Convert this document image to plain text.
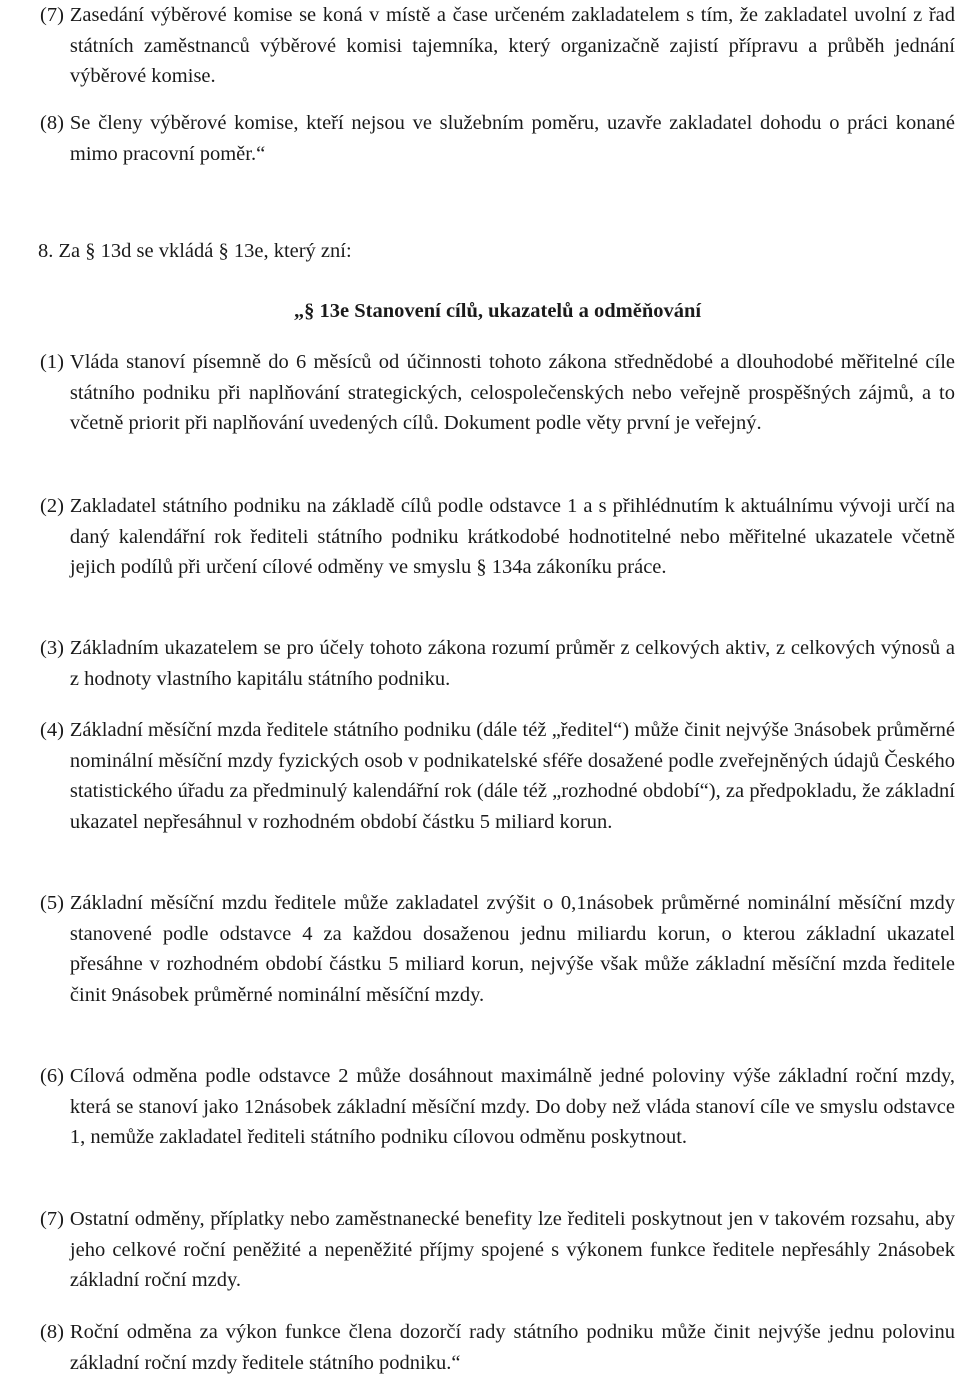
(7) Zasedání výběrové komise se koná v místě a čase určeném zakladatelem s tím, že zakladatel uvolní z řad státních zaměstnanců výběrové komisi tajemníka, který organizačně zajistí přípravu a průběh jednání výběrové komise.
(8) Se členy výběrové komise, kteří nejsou ve služebním poměru, uzavře zakladatel dohodu o práci konané mimo pracovní poměr.“

8. Za § 13d se vkládá § 13e, který zní:

„§ 13e Stanovení cílů, ukazatelů a odměňování

(1) Vláda stanoví písemně do 6 měsíců od účinnosti tohoto zákona střednědobé a dlouhodobé měřitelné cíle státního podniku při naplňování strategických, celospolečenských nebo veřejně prospěšných zájmů, a to včetně priorit při naplňování uvedených cílů. Dokument podle věty první je veřejný.
(2) Zakladatel státního podniku na základě cílů podle odstavce 1 a s přihlédnutím k aktuálnímu vývoji určí na daný kalendářní rok řediteli státního podniku krátkodobé hodnotitelné nebo měřitelné ukazatele včetně jejich podílů při určení cílové odměny ve smyslu § 134a zákoníku práce.
(3) Základním ukazatelem se pro účely tohoto zákona rozumí průměr z celkových aktiv, z celkových výnosů a z hodnoty vlastního kapitálu státního podniku.
(4) Základní měsíční mzda ředitele státního podniku (dále též „ředitel“) může činit nejvýše 3násobek průměrné nominální měsíční mzdy fyzických osob v podnikatelské sféře dosažené podle zveřejněných údajů Českého statistického úřadu za předminulý kalendářní rok (dále též „rozhodné období“), za předpokladu, že základní ukazatel nepřesáhnul v rozhodném období částku 5 miliard korun.
(5) Základní měsíční mzdu ředitele může zakladatel zvýšit o 0,1násobek průměrné nominální měsíční mzdy stanovené podle odstavce 4 za každou dosaženou jednu miliardu korun, o kterou základní ukazatel přesáhne v rozhodném období částku 5 miliard korun, nejvýše však může základní měsíční mzda ředitele činit 9násobek průměrné nominální měsíční mzdy.
(6) Cílová odměna podle odstavce 2 může dosáhnout maximálně jedné poloviny výše základní roční mzdy, která se stanoví jako 12násobek základní měsíční mzdy. Do doby než vláda stanoví cíle ve smyslu odstavce 1, nemůže zakladatel řediteli státního podniku cílovou odměnu poskytnout.
(7) Ostatní odměny, příplatky nebo zaměstnanecké benefity lze řediteli poskytnout jen v takovém rozsahu, aby jeho celkové roční peněžité a nepeněžité příjmy spojené s výkonem funkce ředitele nepřesáhly 2násobek základní roční mzdy.
(8) Roční odměna za výkon funkce člena dozorčí rady státního podniku může činit nejvýše jednu polovinu základní roční mzdy ředitele státního podniku.“
